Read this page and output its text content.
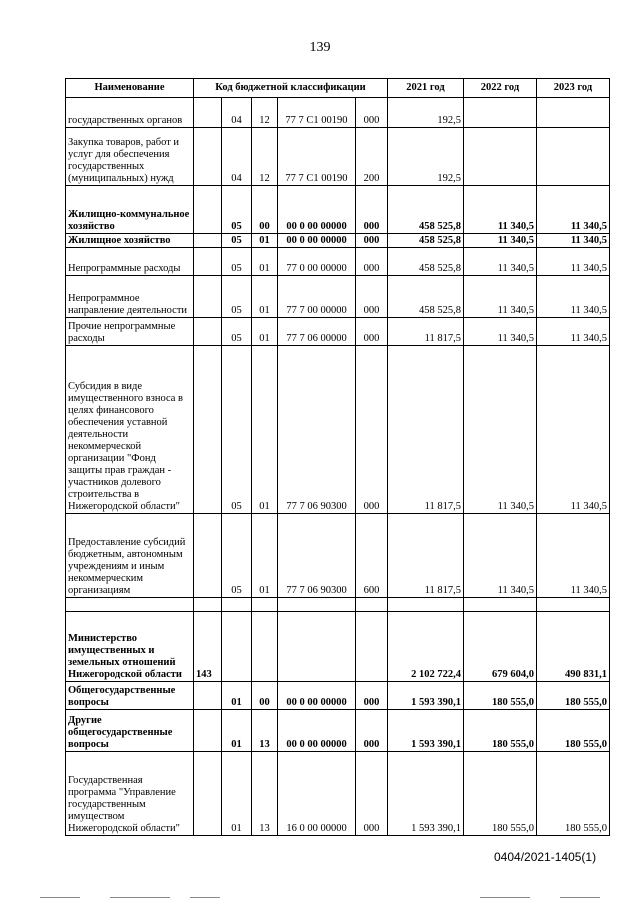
139
Наименование	Код бюджетной классификации					2021 год	2022 год	2023 год
государственных органов		04	12	77 7 С1 00190	000	192,5		
Закупка товаров, работ и услуг для обеспечения государственных (муниципальных) нужд		04	12	77 7 С1 00190	200	192,5		
Жилищно-коммунальное хозяйство		05	00	00 0 00 00000	000	458 525,8	11 340,5	11 340,5
Жилищное хозяйство		05	01	00 0 00 00000	000	458 525,8	11 340,5	11 340,5
Непрограммные расходы		05	01	77 0 00 00000	000	458 525,8	11 340,5	11 340,5
Непрограммное направление деятельности		05	01	77 7 00 00000	000	458 525,8	11 340,5	11 340,5
Прочие непрограммные расходы		05	01	77 7 06 00000	000	11 817,5	11 340,5	11 340,5
Субсидия в виде имущественного взноса в целях финансового обеспечения уставной деятельности некоммерческой организации "Фонд защиты прав граждан - участников долевого строительства в Нижегородской области"		05	01	77 7 06 90300	000	11 817,5	11 340,5	11 340,5
Предоставление субсидий бюджетным, автономным учреждениям и иным некоммерческим организациям		05	01	77 7 06 90300	600	11 817,5	11 340,5	11 340,5

Министерство имущественных и земельных отношений Нижегородской области	143					2 102 722,4	679 604,0	490 831,1
Общегосударственные вопросы		01	00	00 0 00 00000	000	1 593 390,1	180 555,0	180 555,0
Другие общегосударственные вопросы		01	13	00 0 00 00000	000	1 593 390,1	180 555,0	180 555,0
Государственная программа "Управление государственным имуществом Нижегородской области"		01	13	16 0 00 00000	000	1 593 390,1	180 555,0	180 555,0
0404/2021-1405(1)
